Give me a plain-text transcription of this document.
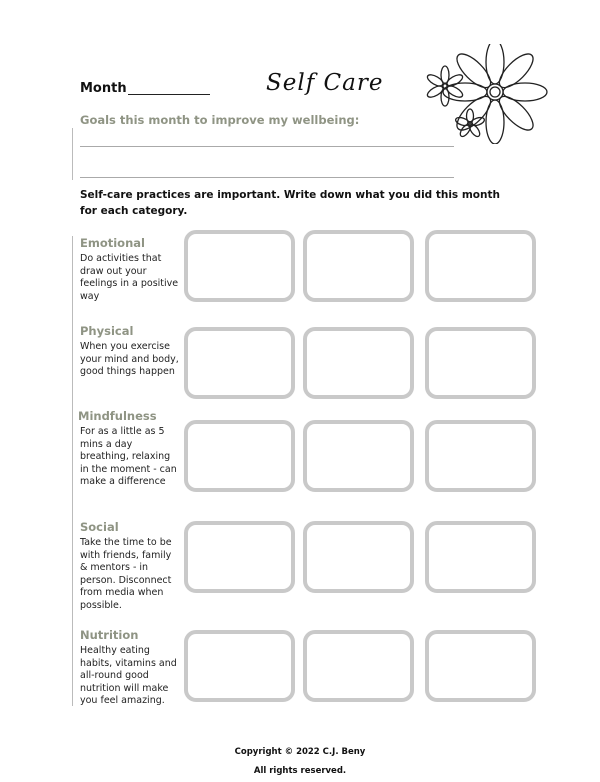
Month	Self Care
Goals this month to improve my wellbeing:
Self-care practices are important. Write down what you did this month for each category.
Emotional
Do activities that draw out your feelings in a positive way
Physical
When you exercise your mind and body, good things happen
Mindfulness
For as a little as 5 mins a day breathing, relaxing in the moment - can make a difference
Social
Take the time to be with friends, family & mentors - in person. Disconnect from media when possible.
Nutrition
Healthy eating habits, vitamins and all-round good nutrition will make you feel amazing.
Copyright © 2022 C.J. Beny
All rights reserved.
